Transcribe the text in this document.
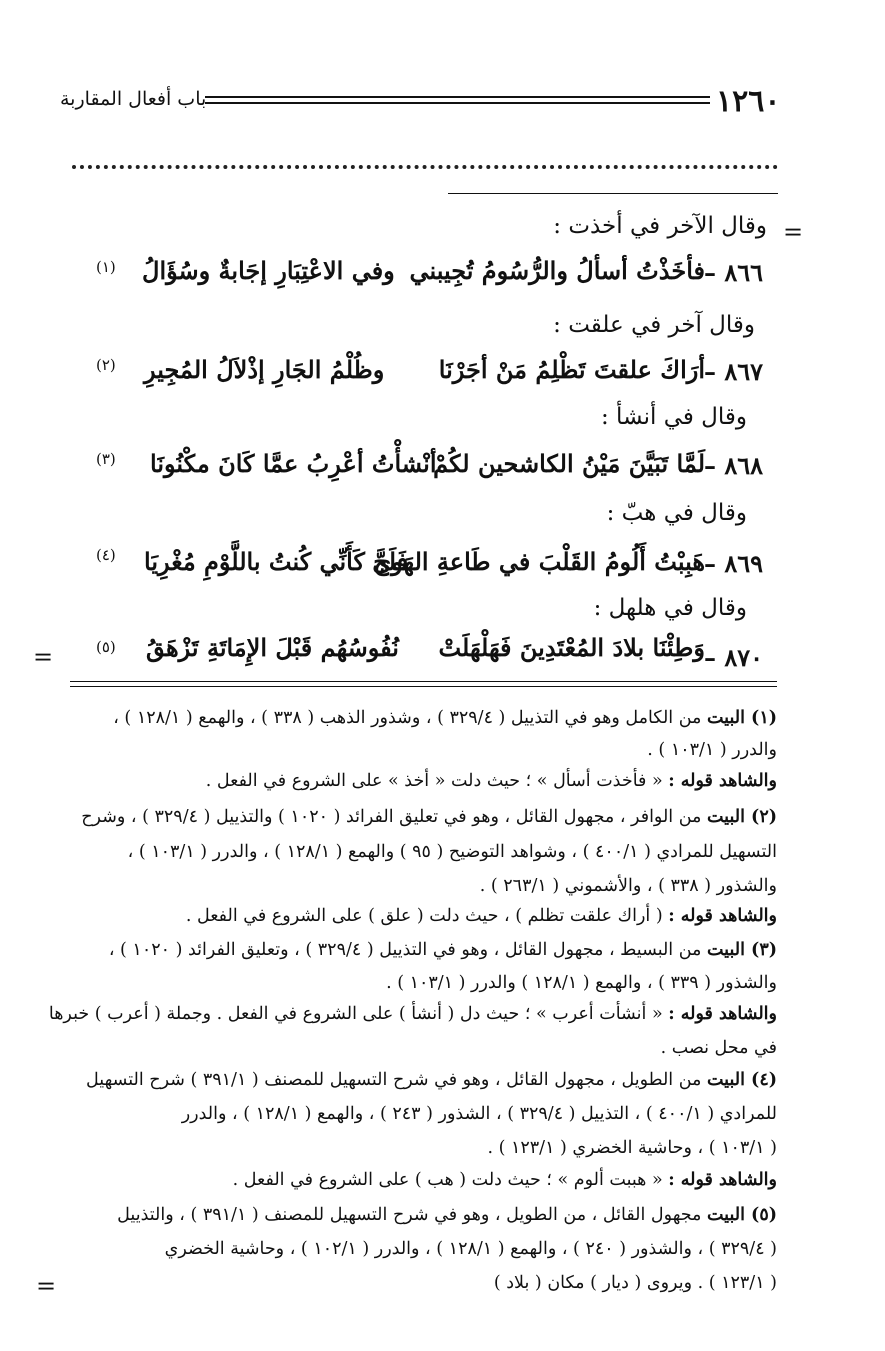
١٢٦٠
باب أفعال المقاربة
=
وقال الآخر في أخذت :
٨٦٦ –
فأخَذْتُ أسألُ والرُّسُومُ تُجِيبني
وفي الاعْتِبَارِ إجَابةٌ وسُؤَالُ
(١)
وقال آخر في علقت :
٨٦٧ –
أرَاكَ علقتَ تَظْلِمُ مَنْ أجَرْنَا
وظُلْمُ الجَارِ إذْلاَلُ المُجِيرِ
(٢)
وقال في أنشأ :
٨٦٨ –
لَمَّا تَبَيَّنَ مَيْنُ الكاشحين لكُمْ
أنْشأْتُ أعْرِبُ عمَّا كَانَ مكْنُونَا
(٣)
وقال في هبّ :
٨٦٩ –
هَبِبْتُ أَلُومُ القَلْبَ في طَاعةِ الهَوى
فَلَجَّ كَأَنِّي كُنتُ باللَّوْمِ مُغْرِيَا
(٤)
وقال في هلهل :
٨٧٠ –
وَطِئْنَا بلادَ المُعْتَدِينَ فَهَلْهَلَتْ
نُفُوسُهُم قَبْلَ الإِمَاتَةِ تَزْهَقُ
(٥)
=
(١) البيت من الكامل وهو في التذييل ( ٣٢٩/٤ ) ، وشذور الذهب ( ٣٣٨ ) ، والهمع ( ١٢٨/١ ) ،
والدرر ( ١٠٣/١ ) .
والشاهد قوله : « فأخذت أسأل » ؛ حيث دلت « أخذ » على الشروع في الفعل .
(٢) البيت من الوافر ، مجهول القائل ، وهو في تعليق الفرائد ( ١٠٢٠ ) والتذييل ( ٣٢٩/٤ ) ، وشرح
التسهيل للمرادي ( ٤٠٠/١ ) ، وشواهد التوضيح ( ٩٥ ) والهمع ( ١٢٨/١ ) ، والدرر ( ١٠٣/١ ) ،
والشذور ( ٣٣٨ ) ، والأشموني ( ٢٦٣/١ ) .
والشاهد قوله : ( أراك علقت تظلم ) ، حيث دلت ( علق ) على الشروع في الفعل .
(٣) البيت من البسيط ، مجهول القائل ، وهو في التذييل ( ٣٢٩/٤ ) ، وتعليق الفرائد ( ١٠٢٠ ) ،
والشذور ( ٣٣٩ ) ، والهمع ( ١٢٨/١ ) والدرر ( ١٠٣/١ ) .
والشاهد قوله : « أنشأت أعرب » ؛ حيث دل ( أنشأ ) على الشروع في الفعل . وجملة ( أعرب ) خبرها
في محل نصب .
(٤) البيت من الطويل ، مجهول القائل ، وهو في شرح التسهيل للمصنف ( ٣٩١/١ ) شرح التسهيل
للمرادي ( ٤٠٠/١ ) ، التذييل ( ٣٢٩/٤ ) ، الشذور ( ٢٤٣ ) ، والهمع ( ١٢٨/١ ) ، والدرر
( ١٠٣/١ ) ، وحاشية الخضري ( ١٢٣/١ ) .
والشاهد قوله : « هببت ألوم » ؛ حيث دلت ( هب ) على الشروع في الفعل .
(٥) البيت مجهول القائل ، من الطويل ، وهو في شرح التسهيل للمصنف ( ٣٩١/١ ) ، والتذييل
( ٣٢٩/٤ ) ، والشذور ( ٢٤٠ ) ، والهمع ( ١٢٨/١ ) ، والدرر ( ١٠٢/١ ) ، وحاشية الخضري
( ١٢٣/١ ) . ويروى ( ديار ) مكان ( بلاد )
=
